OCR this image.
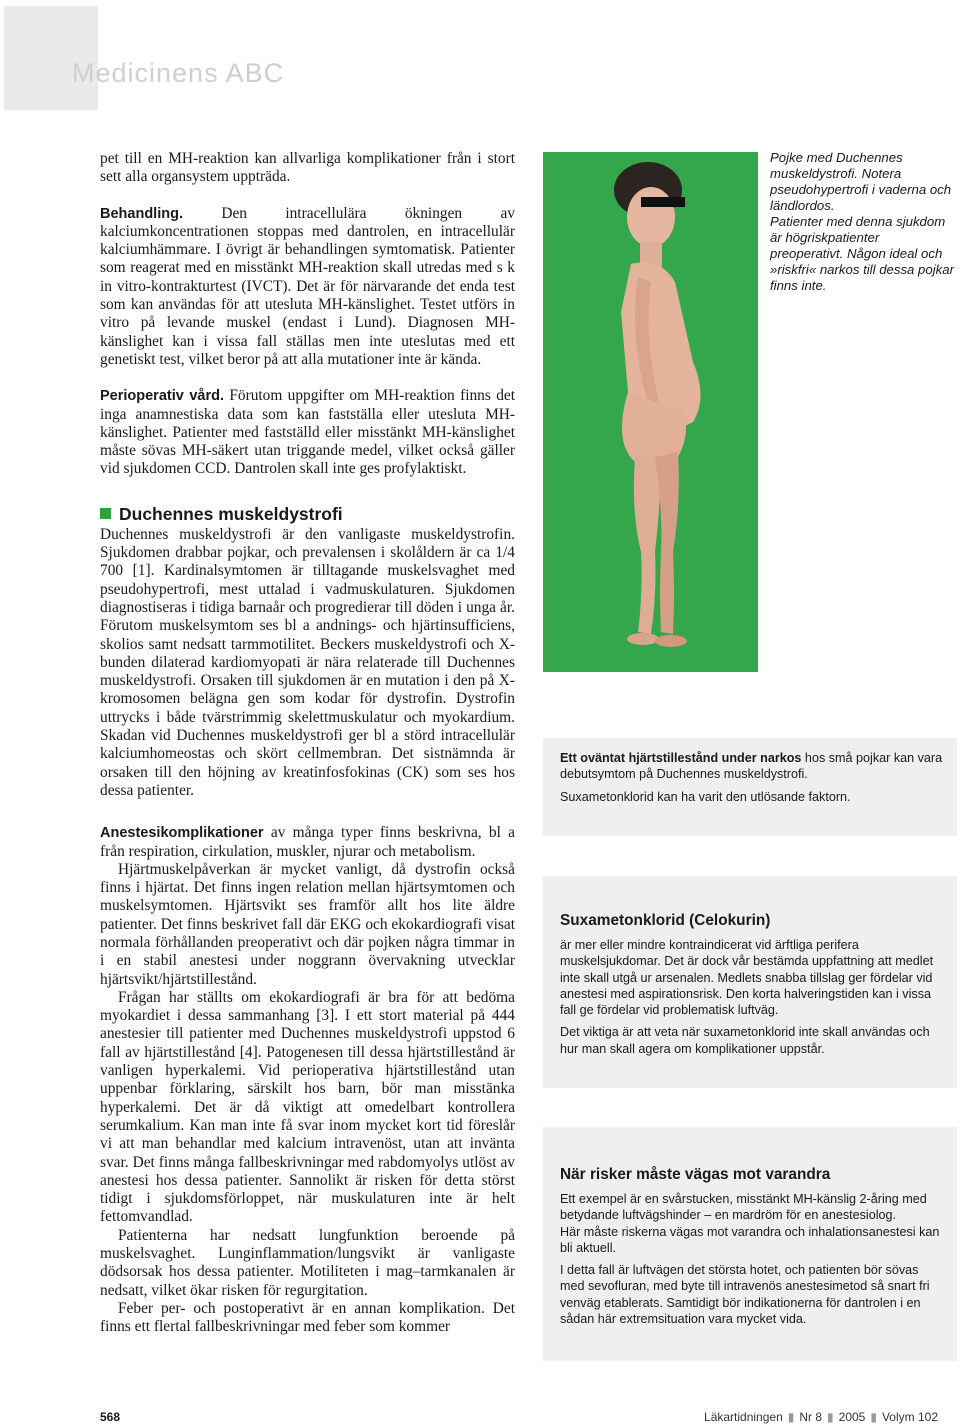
Medicinens ABC

pet till en MH-reaktion kan allvarliga komplikationer från i stort sett alla organsystem uppträda.

Behandling. Den intracellulära ökningen av kalciumkoncentrationen stoppas med dantrolen, en intracellulär kalciumhämmare. I övrigt är behandlingen symtomatisk. Patienter som reagerat med en misstänkt MH-reaktion skall utredas med s k in vitro-kontrakturtest (IVCT). Det är för närvarande det enda test som kan användas för att utesluta MH-känslighet. Testet utförs in vitro på levande muskel (endast i Lund). Diagnosen MH-känslighet kan i vissa fall ställas men inte uteslutas med ett genetiskt test, vilket beror på att alla mutationer inte är kända.

Perioperativ vård. Förutom uppgifter om MH-reaktion finns det inga anamnestiska data som kan fastställa eller utesluta MH-känslighet. Patienter med fastställd eller misstänkt MH-känslighet måste sövas MH-säkert utan triggande medel, vilket också gäller vid sjukdomen CCD. Dantrolen skall inte ges profylaktiskt.

Duchennes muskeldystrofi

Duchennes muskeldystrofi är den vanligaste muskeldystrofin. Sjukdomen drabbar pojkar, och prevalensen i skolåldern är ca 1/4 700 [1]. Kardinalsymtomen är tilltagande muskelsvaghet med pseudohypertrofi, mest uttalad i vadmuskulaturen. Sjukdomen diagnostiseras i tidiga barnaår och progredierar till döden i unga år. Förutom muskelsymtom ses bl a andnings- och hjärtinsufficiens, skolios samt nedsatt tarmmotilitet. Beckers muskeldystrofi och X-bunden dilaterad kardiomyopati är nära relaterade till Duchennes muskeldystrofi. Orsaken till sjukdomen är en mutation i den på X-kromosomen belägna gen som kodar för dystrofin. Dystrofin uttrycks i både tvärstrimmig skelettmuskulatur och myokardium. Skadan vid Duchennes muskeldystrofi ger bl a störd intracellulär kalciumhomeostas och skört cellmembran. Det sistnämnda är orsaken till den höjning av kreatinfosfokinas (CK) som ses hos dessa patienter.

Anestesikomplikationer av många typer finns beskrivna, bl a från respiration, cirkulation, muskler, njurar och metabolism.

Hjärtmuskelpåverkan är mycket vanligt, då dystrofin också finns i hjärtat. Det finns ingen relation mellan hjärtsymtomen och muskelsymtomen. Hjärtsvikt ses framför allt hos lite äldre patienter. Det finns beskrivet fall där EKG och ekokardiografi visat normala förhållanden preoperativt och där pojken några timmar in i en stabil anestesi under noggrann övervakning utvecklar hjärtsvikt/hjärtstillestånd.

Frågan har ställts om ekokardiografi är bra för att bedöma myokardiet i dessa sammanhang [3]. I ett stort material på 444 anestesier till patienter med Duchennes muskeldystrofi uppstod 6 fall av hjärtstillestånd [4]. Patogenesen till dessa hjärtstillestånd är vanligen hyperkalemi. Vid perioperativa hjärtstillestånd utan uppenbar förklaring, särskilt hos barn, bör man misstänka hyperkalemi. Det är då viktigt att omedelbart kontrollera serumkalium. Kan man inte få svar inom mycket kort tid föreslår vi att man behandlar med kalcium intravenöst, utan att invänta svar. Det finns många fallbeskrivningar med rabdomyolys utlöst av anestesi hos dessa patienter. Sannolikt är risken för detta störst tidigt i sjukdomsförloppet, när muskulaturen inte är helt fettomvandlad.

Patienterna har nedsatt lungfunktion beroende på muskelsvaghet. Lunginflammation/lungsvikt är vanligaste dödsorsak hos dessa patienter. Motiliteten i mag–tarmkanalen är nedsatt, vilket ökar risken för regurgitation.

Feber per- och postoperativt är en annan komplikation. Det finns ett flertal fallbeskrivningar med feber som kommer

Pojke med Duchennes muskeldystrofi. Notera pseudohypertrofi i vaderna och ländlordos.

Patienter med denna sjukdom är högriskpatienter preoperativt. Någon ideal och »riskfri« narkos till dessa pojkar finns inte.

Ett oväntat hjärtstillestånd under narkos hos små pojkar kan vara debutsymtom på Duchennes muskeldystrofi.

Suxametonklorid kan ha varit den utlösande faktorn.

Suxametonklorid (Celokurin)

är mer eller mindre kontraindicerat vid ärftliga perifera muskelsjukdomar. Det är dock vår bestämda uppfattning att medlet inte skall utgå ur arsenalen. Medlets snabba tillslag ger fördelar vid anestesi med aspirationsrisk. Den korta halveringstiden kan i vissa fall ge fördelar vid problematisk luftväg.

Det viktiga är att veta när suxametonklorid inte skall användas och hur man skall agera om komplikationer uppstår.

När risker måste vägas mot varandra

Ett exempel är en svårstucken, misstänkt MH-känslig 2-åring med betydande luftvägshinder – en mardröm för en anestesiolog.

Här måste riskerna vägas mot varandra och inhalationsanestesi kan bli aktuell.

I detta fall är luftvägen det största hotet, och patienten bör sövas med sevofluran, med byte till intravenös anestesimetod så snart fri venväg etablerats. Samtidigt bör indikationerna för dantrolen i en sådan här extremsituation vara mycket vida.

568	Läkartidningen ▮ Nr 8 ▮ 2005 ▮ Volym 102
